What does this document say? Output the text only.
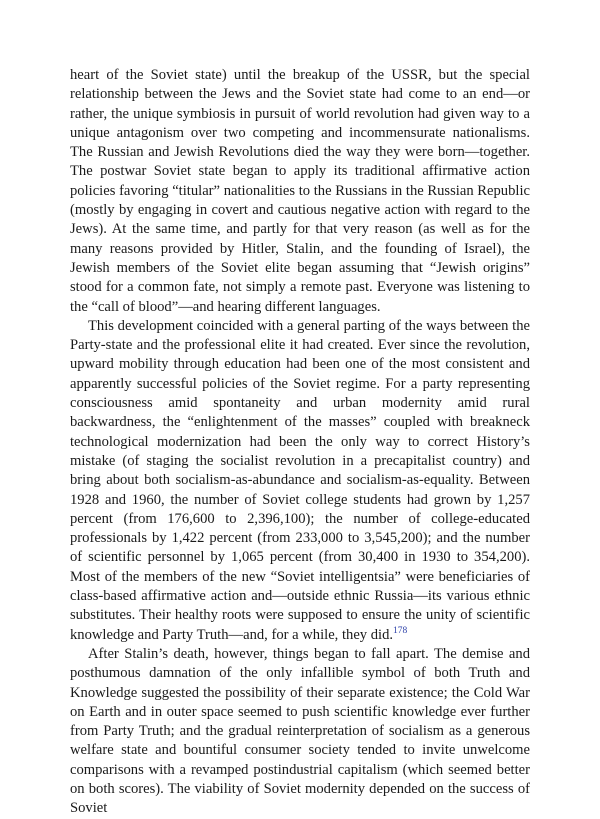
heart of the Soviet state) until the breakup of the USSR, but the special relationship between the Jews and the Soviet state had come to an end—or rather, the unique symbiosis in pursuit of world revolution had given way to a unique antagonism over two competing and incommensurate nationalisms. The Russian and Jewish Revolutions died the way they were born—together. The postwar Soviet state began to apply its traditional affirmative action policies favoring “titular” nationalities to the Russians in the Russian Republic (mostly by engaging in covert and cautious negative action with regard to the Jews). At the same time, and partly for that very reason (as well as for the many reasons provided by Hitler, Stalin, and the founding of Israel), the Jewish members of the Soviet elite began assuming that “Jewish origins” stood for a common fate, not simply a remote past. Everyone was listening to the “call of blood”—and hearing different languages.

This development coincided with a general parting of the ways between the Party-state and the professional elite it had created. Ever since the revolution, upward mobility through education had been one of the most consistent and apparently successful policies of the Soviet regime. For a party representing consciousness amid spontaneity and urban modernity amid rural backwardness, the “enlightenment of the masses” coupled with breakneck technological modernization had been the only way to correct History’s mistake (of staging the socialist revolution in a precapitalist country) and bring about both socialism-as-abundance and socialism-as-equality. Between 1928 and 1960, the number of Soviet college students had grown by 1,257 percent (from 176,600 to 2,396,100); the number of college-educated professionals by 1,422 percent (from 233,000 to 3,545,200); and the number of scientific personnel by 1,065 percent (from 30,400 in 1930 to 354,200). Most of the members of the new “Soviet intelligentsia” were beneficiaries of class-based affirmative action and—outside ethnic Russia—its various ethnic substitutes. Their healthy roots were supposed to ensure the unity of scientific knowledge and Party Truth—and, for a while, they did.$^{178}$

After Stalin’s death, however, things began to fall apart. The demise and posthumous damnation of the only infallible symbol of both Truth and Knowledge suggested the possibility of their separate existence; the Cold War on Earth and in outer space seemed to push scientific knowledge ever further from Party Truth; and the gradual reinterpretation of socialism as a generous welfare state and bountiful consumer society tended to invite unwelcome comparisons with a revamped postindustrial capitalism (which seemed better on both scores). The viability of Soviet modernity depended on the success of Soviet
